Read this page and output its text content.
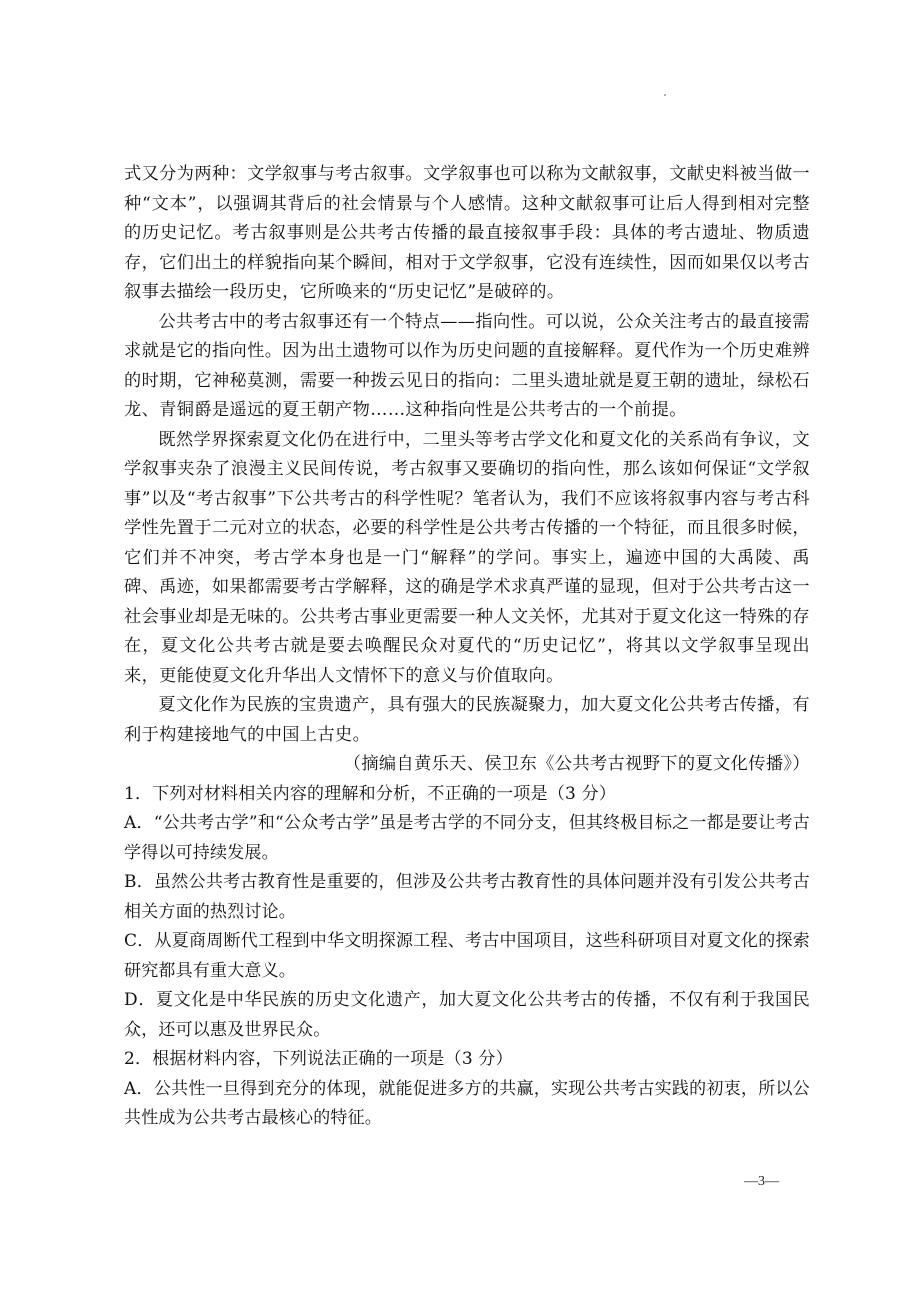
式又分为两种：文学叙事与考古叙事。文学叙事也可以称为文献叙事，文献史料被当做一种“文本”，以强调其背后的社会情景与个人感情。这种文献叙事可让后人得到相对完整的历史记忆。考古叙事则是公共考古传播的最直接叙事手段：具体的考古遗址、物质遗存，它们出土的样貌指向某个瞬间，相对于文学叙事，它没有连续性，因而如果仅以考古叙事去描绘一段历史，它所唤来的“历史记忆”是破碎的。

公共考古中的考古叙事还有一个特点——指向性。可以说，公众关注考古的最直接需求就是它的指向性。因为出土遗物可以作为历史问题的直接解释。夏代作为一个历史难辨的时期，它神秘莫测，需要一种拨云见日的指向：二里头遗址就是夏王朝的遗址，绿松石龙、青铜爵是遥远的夏王朝产物……这种指向性是公共考古的一个前提。

既然学界探索夏文化仍在进行中，二里头等考古学文化和夏文化的关系尚有争议，文学叙事夹杂了浪漫主义民间传说，考古叙事又要确切的指向性，那么该如何保证“文学叙事”以及“考古叙事”下公共考古的科学性呢？笔者认为，我们不应该将叙事内容与考古科学性先置于二元对立的状态，必要的科学性是公共考古传播的一个特征，而且很多时候，它们并不冲突，考古学本身也是一门“解释”的学问。事实上，遍迹中国的大禹陵、禹碑、禹迹，如果都需要考古学解释，这的确是学术求真严谨的显现，但对于公共考古这一社会事业却是无味的。公共考古事业更需要一种人文关怀，尤其对于夏文化这一特殊的存在，夏文化公共考古就是要去唤醒民众对夏代的“历史记忆”，将其以文学叙事呈现出来，更能使夏文化升华出人文情怀下的意义与价值取向。

夏文化作为民族的宝贵遗产，具有强大的民族凝聚力，加大夏文化公共考古传播，有利于构建接地气的中国上古史。

（摘编自黄乐天、侯卫东《公共考古视野下的夏文化传播》）

1．下列对材料相关内容的理解和分析，不正确的一项是（3 分）

A．“公共考古学”和“公众考古学”虽是考古学的不同分支，但其终极目标之一都是要让考古学得以可持续发展。

B．虽然公共考古教育性是重要的，但涉及公共考古教育性的具体问题并没有引发公共考古相关方面的热烈讨论。

C．从夏商周断代工程到中华文明探源工程、考古中国项目，这些科研项目对夏文化的探索研究都具有重大意义。

D．夏文化是中华民族的历史文化遗产，加大夏文化公共考古的传播，不仅有利于我国民众，还可以惠及世界民众。

2．根据材料内容，下列说法正确的一项是（3 分）

A．公共性一旦得到充分的体现，就能促进多方的共赢，实现公共考古实践的初衷，所以公共性成为公共考古最核心的特征。

—3—
